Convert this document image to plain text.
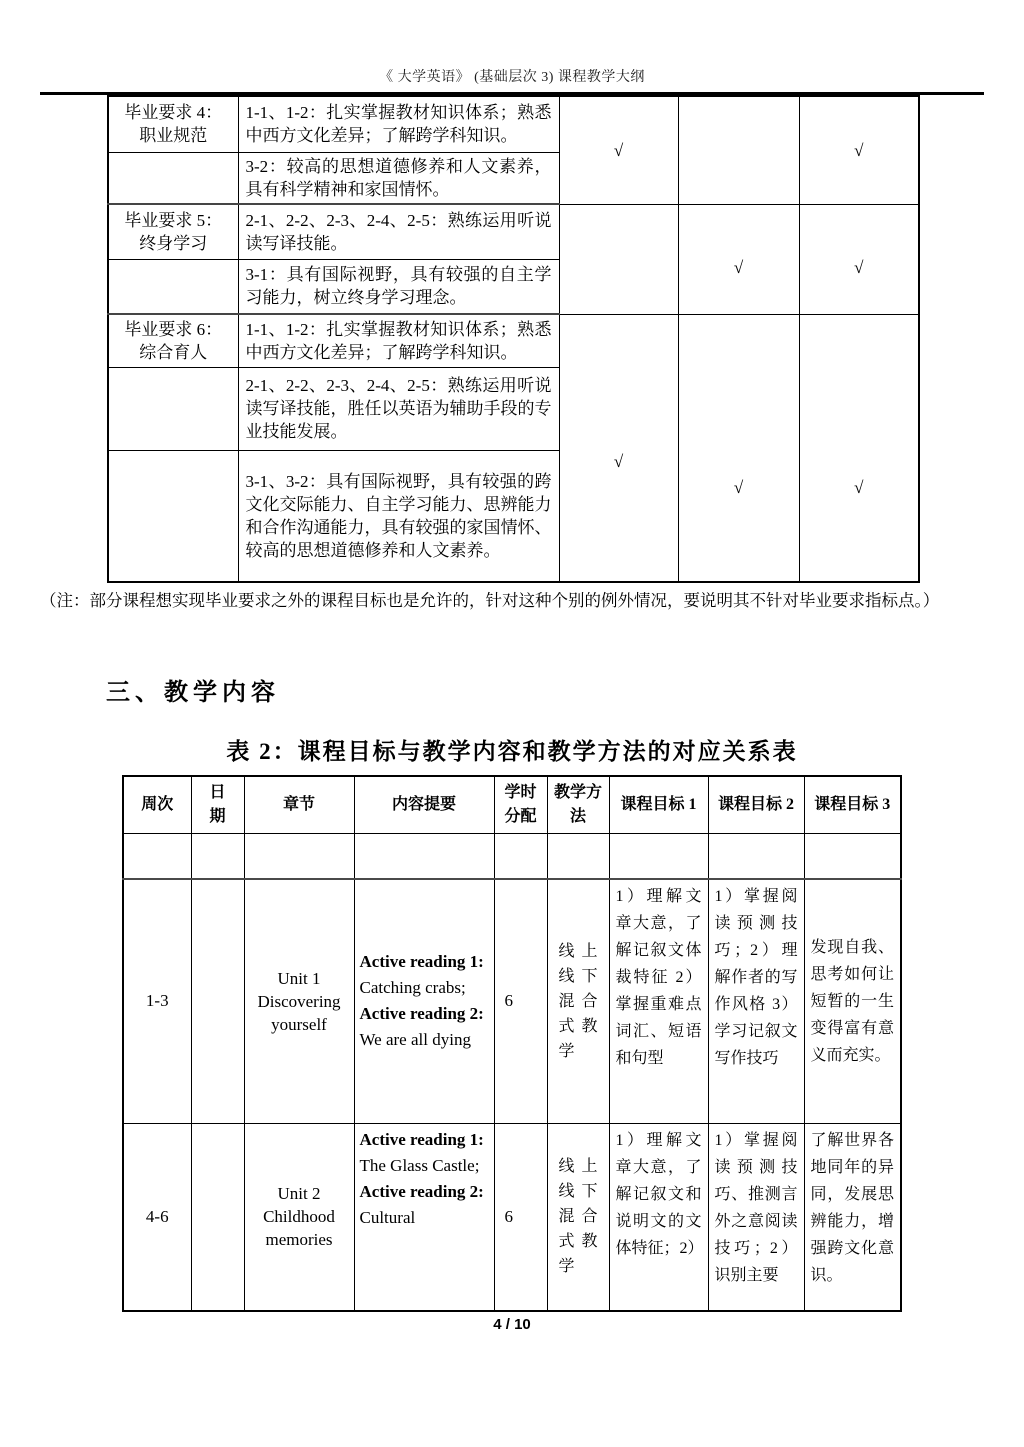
《 大学英语》 (基础层次 3) 课程教学大纲
毕业要求 4：
职业规范	1-1、1-2：扎实掌握教材知识体系；熟悉中西方文化差异；了解跨学科知识。	√		√
	3-2：较高的思想道德修养和人文素养，具有科学精神和家国情怀。			

毕业要求 5：
终身学习	2-1、2-2、2-3、2-4、2-5：熟练运用听说读写译技能。		√	√
	3-1：具有国际视野，具有较强的自主学习能力，树立终身学习理念。			

毕业要求 6：
综合育人	1-1、1-2：扎实掌握教材知识体系；熟悉中西方文化差异；了解跨学科知识。	√	√	√
	2-1、2-2、2-3、2-4、2-5：熟练运用听说读写译技能，胜任以英语为辅助手段的专业技能发展。			
	3-1、3-2：具有国际视野，具有较强的跨文化交际能力、自主学习能力、思辨能力和合作沟通能力，具有较强的家国情怀、较高的思想道德修养和人文素养。			
（注：部分课程想实现毕业要求之外的课程目标也是允许的，针对这种个别的例外情况，要说明其不针对毕业要求指标点。）
三、教学内容
表 2：课程目标与教学内容和教学方法的对应关系表
周次	日期	章节	内容提要	学时分配	教学方法	课程目标 1	课程目标 2	课程目标 3

1-3		Unit 1 Discovering yourself	Active reading 1:
Catching crabs;
Active reading 2:
We are all dying	6	线上线下混合式教学	1）理解文章大意，了解记叙文体裁特征 2）掌握重难点词汇、短语和句型	1）掌握阅读预测技巧；2）理解作者的写作风格 3）学习记叙文写作技巧	发现自我、思考如何让短暂的一生变得富有意义而充实。

4-6		Unit 2 Childhood memories	Active reading 1:
The Glass Castle;
Active reading 2:
Cultural	6	线上线下混合式教学	1）理解文章大意，了解记叙文和说明文的文体特征；2）	1）掌握阅读预测技巧、推测言外之意阅读技巧；2）识别主要	了解世界各地同年的异同，发展思辨能力，增强跨文化意识。
4 / 10
